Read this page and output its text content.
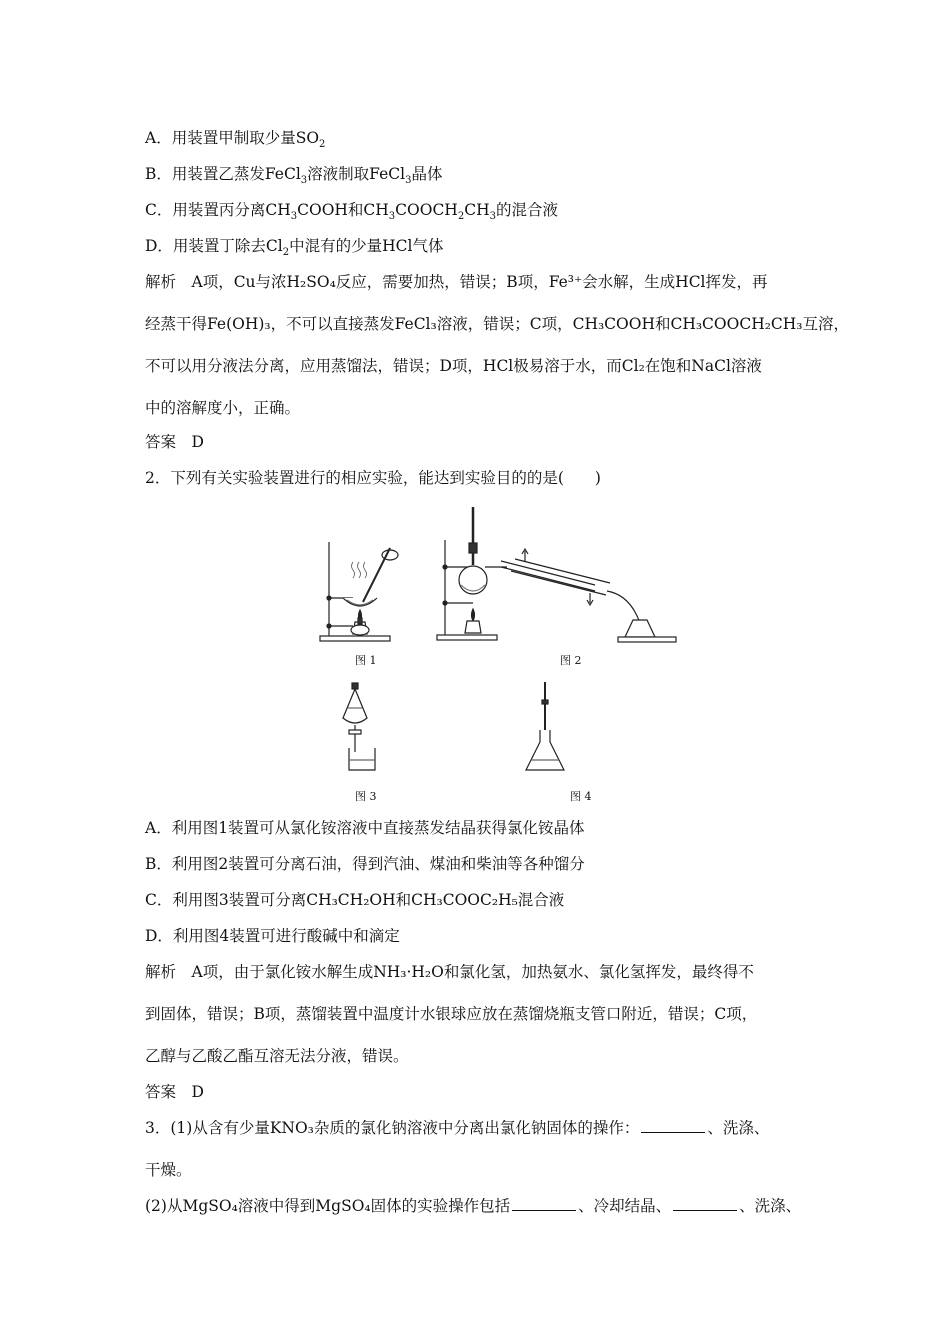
A．用装置甲制取少量$SO_2$
B．用装置乙蒸发FeCl$_3$溶液制取FeCl$_3$晶体
C．用装置丙分离$CH_3COOH$和$CH_3COOCH_2CH_3$的混合液
D．用装置丁除去$Cl_2$中混有的少量HCl气体
解析　A项，Cu与浓H₂SO₄反应，需要加热，错误；B项，Fe³⁺会水解，生成HCl挥发，再
经蒸干得Fe(OH)₃，不可以直接蒸发FeCl₃溶液，错误；C项，CH₃COOH和CH₃COOCH₂CH₃互溶，
不可以用分液法分离，应用蒸馏法，错误；D项，HCl极易溶于水，而Cl₂在饱和NaCl溶液
中的溶解度小，正确。
答案　D
2．下列有关实验装置进行的相应实验，能达到实验目的的是(　　)
图 1	图 2
图 3	图 4
A．利用图1装置可从氯化铵溶液中直接蒸发结晶获得氯化铵晶体
B．利用图2装置可分离石油，得到汽油、煤油和柴油等各种馏分
C．利用图3装置可分离CH₃CH₂OH和CH₃COOC₂H₅混合液
D．利用图4装置可进行酸碱中和滴定
解析　A项，由于氯化铵水解生成NH₃·H₂O和氯化氢，加热氨水、氯化氢挥发，最终得不
到固体，错误；B项，蒸馏装置中温度计水银球应放在蒸馏烧瓶支管口附近，错误；C项，
乙醇与乙酸乙酯互溶无法分液，错误。
答案　D
3．(1)从含有少量KNO₃杂质的氯化钠溶液中分离出氯化钠固体的操作：	、洗涤、
干燥。
(2)从MgSO₄溶液中得到MgSO₄固体的实验操作包括	、冷却结晶、	、洗涤、
